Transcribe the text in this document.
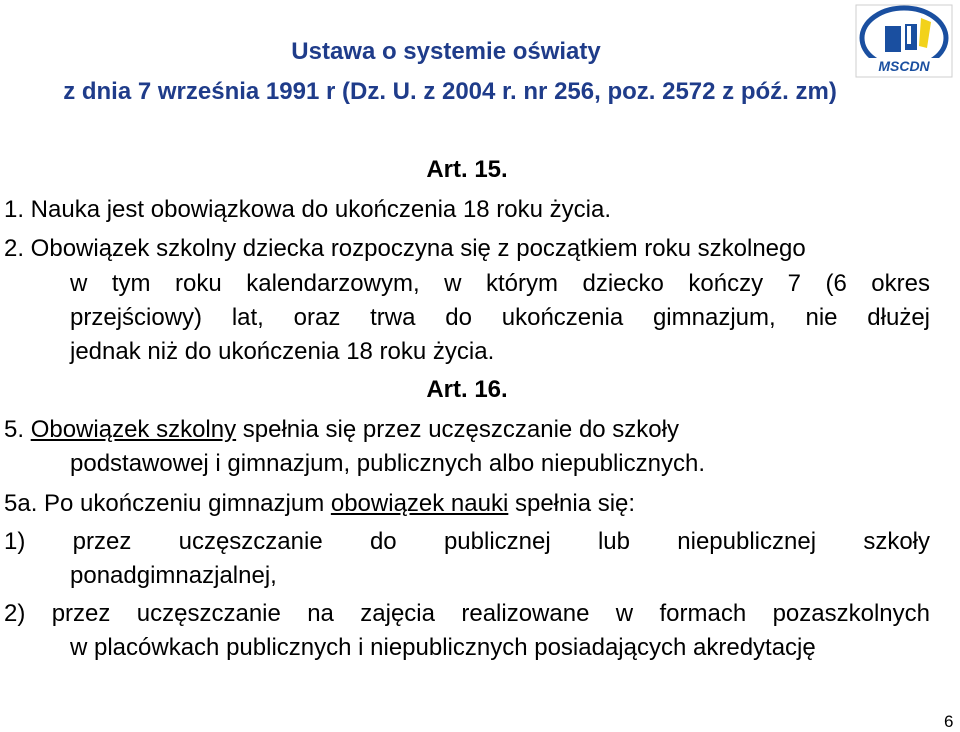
Ustawa o systemie oświaty
z dnia 7 września 1991 r (Dz. U. z 2004 r. nr 256, poz. 2572 z póź. zm)
MSCDN

Art. 15.

1. Nauka jest obowiązkowa do ukończenia 18 roku życia.

2. Obowiązek szkolny dziecka rozpoczyna się z początkiem roku szkolnego

w tym roku kalendarzowym, w którym dziecko kończy 7 (6 okres

przejściowy) lat, oraz trwa do ukończenia gimnazjum, nie dłużej

jednak niż do ukończenia 18 roku życia.

Art. 16.

5. Obowiązek szkolny spełnia się przez uczęszczanie do szkoły

podstawowej i gimnazjum, publicznych albo niepublicznych.

5a. Po ukończeniu gimnazjum obowiązek nauki spełnia się:

1) przez uczęszczanie do publicznej lub niepublicznej szkoły

ponadgimnazjalnej,

2) przez uczęszczanie na zajęcia realizowane w formach pozaszkolnych

w placówkach publicznych i niepublicznych posiadających akredytację

6
